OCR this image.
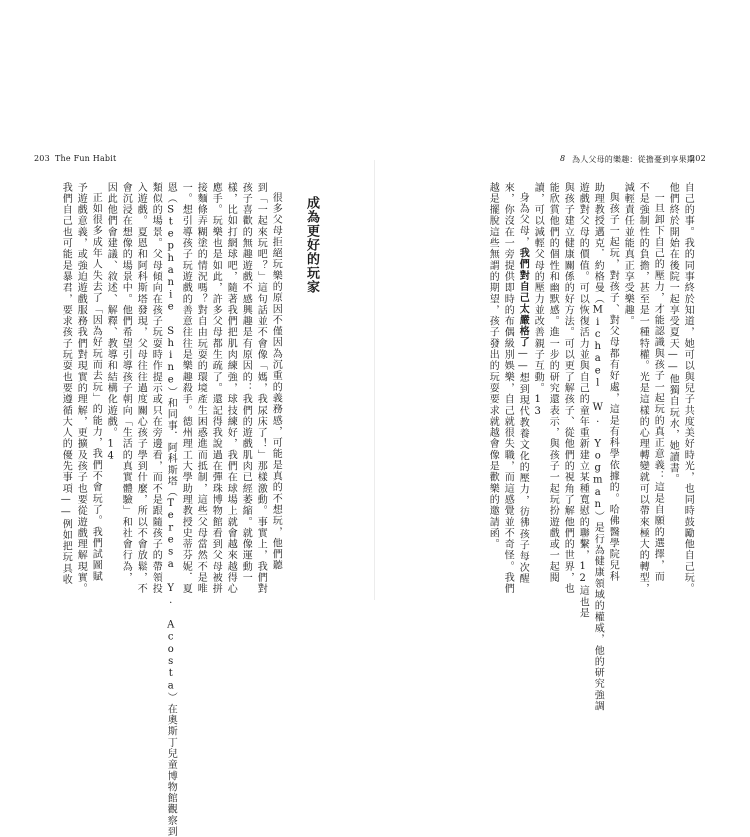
203 The Fun Habit	8 為人父母的樂趣：從擔憂到享果期
202
自己的事。我的同事終於知道，她可以與兒子共度美好時光，也同時鼓勵他自己玩。
他們終於開始在後院一起享受夏天——他獨自玩水，她讀書。
一旦卸下自己的壓力，才能認識與孩子一起玩的真正意義：這是自願的選擇，而
不是強制性的負擔，甚至是一種特權。光是這樣的心理轉變就可以帶來極大的轉型，
減輕責任並能真正享受樂趣。
與孩子一起玩，對孩子、對父母都有好處，這是有科學依據的。哈佛醫學院兒科
助理教授邁克．約格曼（Michael W. Yogman）是行為健康領域的權威，他的研究強調
遊戲對父母的價值。可以恢復活力並與自己的童年重新建立某種寬慰的聯繫，12這也是
與孩子建立健康關係的好方法。可以更了解孩子、從他們的視角了解他們的世界，也
能欣賞他們的個性和幽默感。進一步的研究還表示，與孩子一起玩扮遊戲或一起閱
讀，可以減輕父母的壓力並改善親子互動。13
身為父母，我們對自己太嚴格了——想到現代教養文化的壓力，彷彿孩子每次醒
來，你沒在一旁提供即時的布偶級別娛樂，自己就很失職，而這感覺並不奇怪。我們
越是擺脫這些無謂的期望，孩子發出的玩耍要求就越會像是歡樂的邀請函。
成為更好的玩家
很多父母拒絕玩樂的原因不僅因為沉重的義務感，可能是真的不想玩，他們聽
到「一起來玩吧？」這句話並不會像「媽，我尿床了！」那樣激動。事實上，我們對
孩子喜歡的無趣遊戲不感興趣是有原因的：我們的遊戲肌肉已經萎縮。就像運動一
樣，比如打網球吧，隨著我們把肌肉練強，球技練好，我們在球場上就會越來越得心
應手。玩樂也是如此，許多父母都生疏了。還記得我說過在彈珠博物館看到父母被拼
接麵條弄糊塗的情況嗎？對自由玩耍的環境產生困惑進而抵制，這些父母當然不是唯
一。想引導孩子玩遊戲的善意往往是樂趣殺手。德州理工大學助理教授史蒂芬妮．夏
恩（Stephanie Shine）和同事．阿科斯塔（Teresa Y. Acosta）在奧斯丁兒童博物館觀察到
類似的場景。父母傾向在孩子玩耍時作提示或只在旁邊看，而不是跟隨孩子的帶領投
入遊戲。夏恩和阿科斯塔發現，父母往往過度關心孩子學到什麼，所以不會放鬆，不
會沉浸在想像的場景中。他們希望引導孩子朝向「生活的真實體驗」和社會行為，
因此他們會建議、敘述、解釋、教導和結構化遊戲。14
正如很多成年人失去了「因為好玩而去玩」的能力，我們不會玩了。我們試圖賦
予遊戲意義，或強迫遊戲服務我們對現實的理解，更擴及孩子也要從遊戲理解現實。
我們自己也可能是暴君，要求孩子玩耍也要遵循大人的優先事項——例如把玩具收
